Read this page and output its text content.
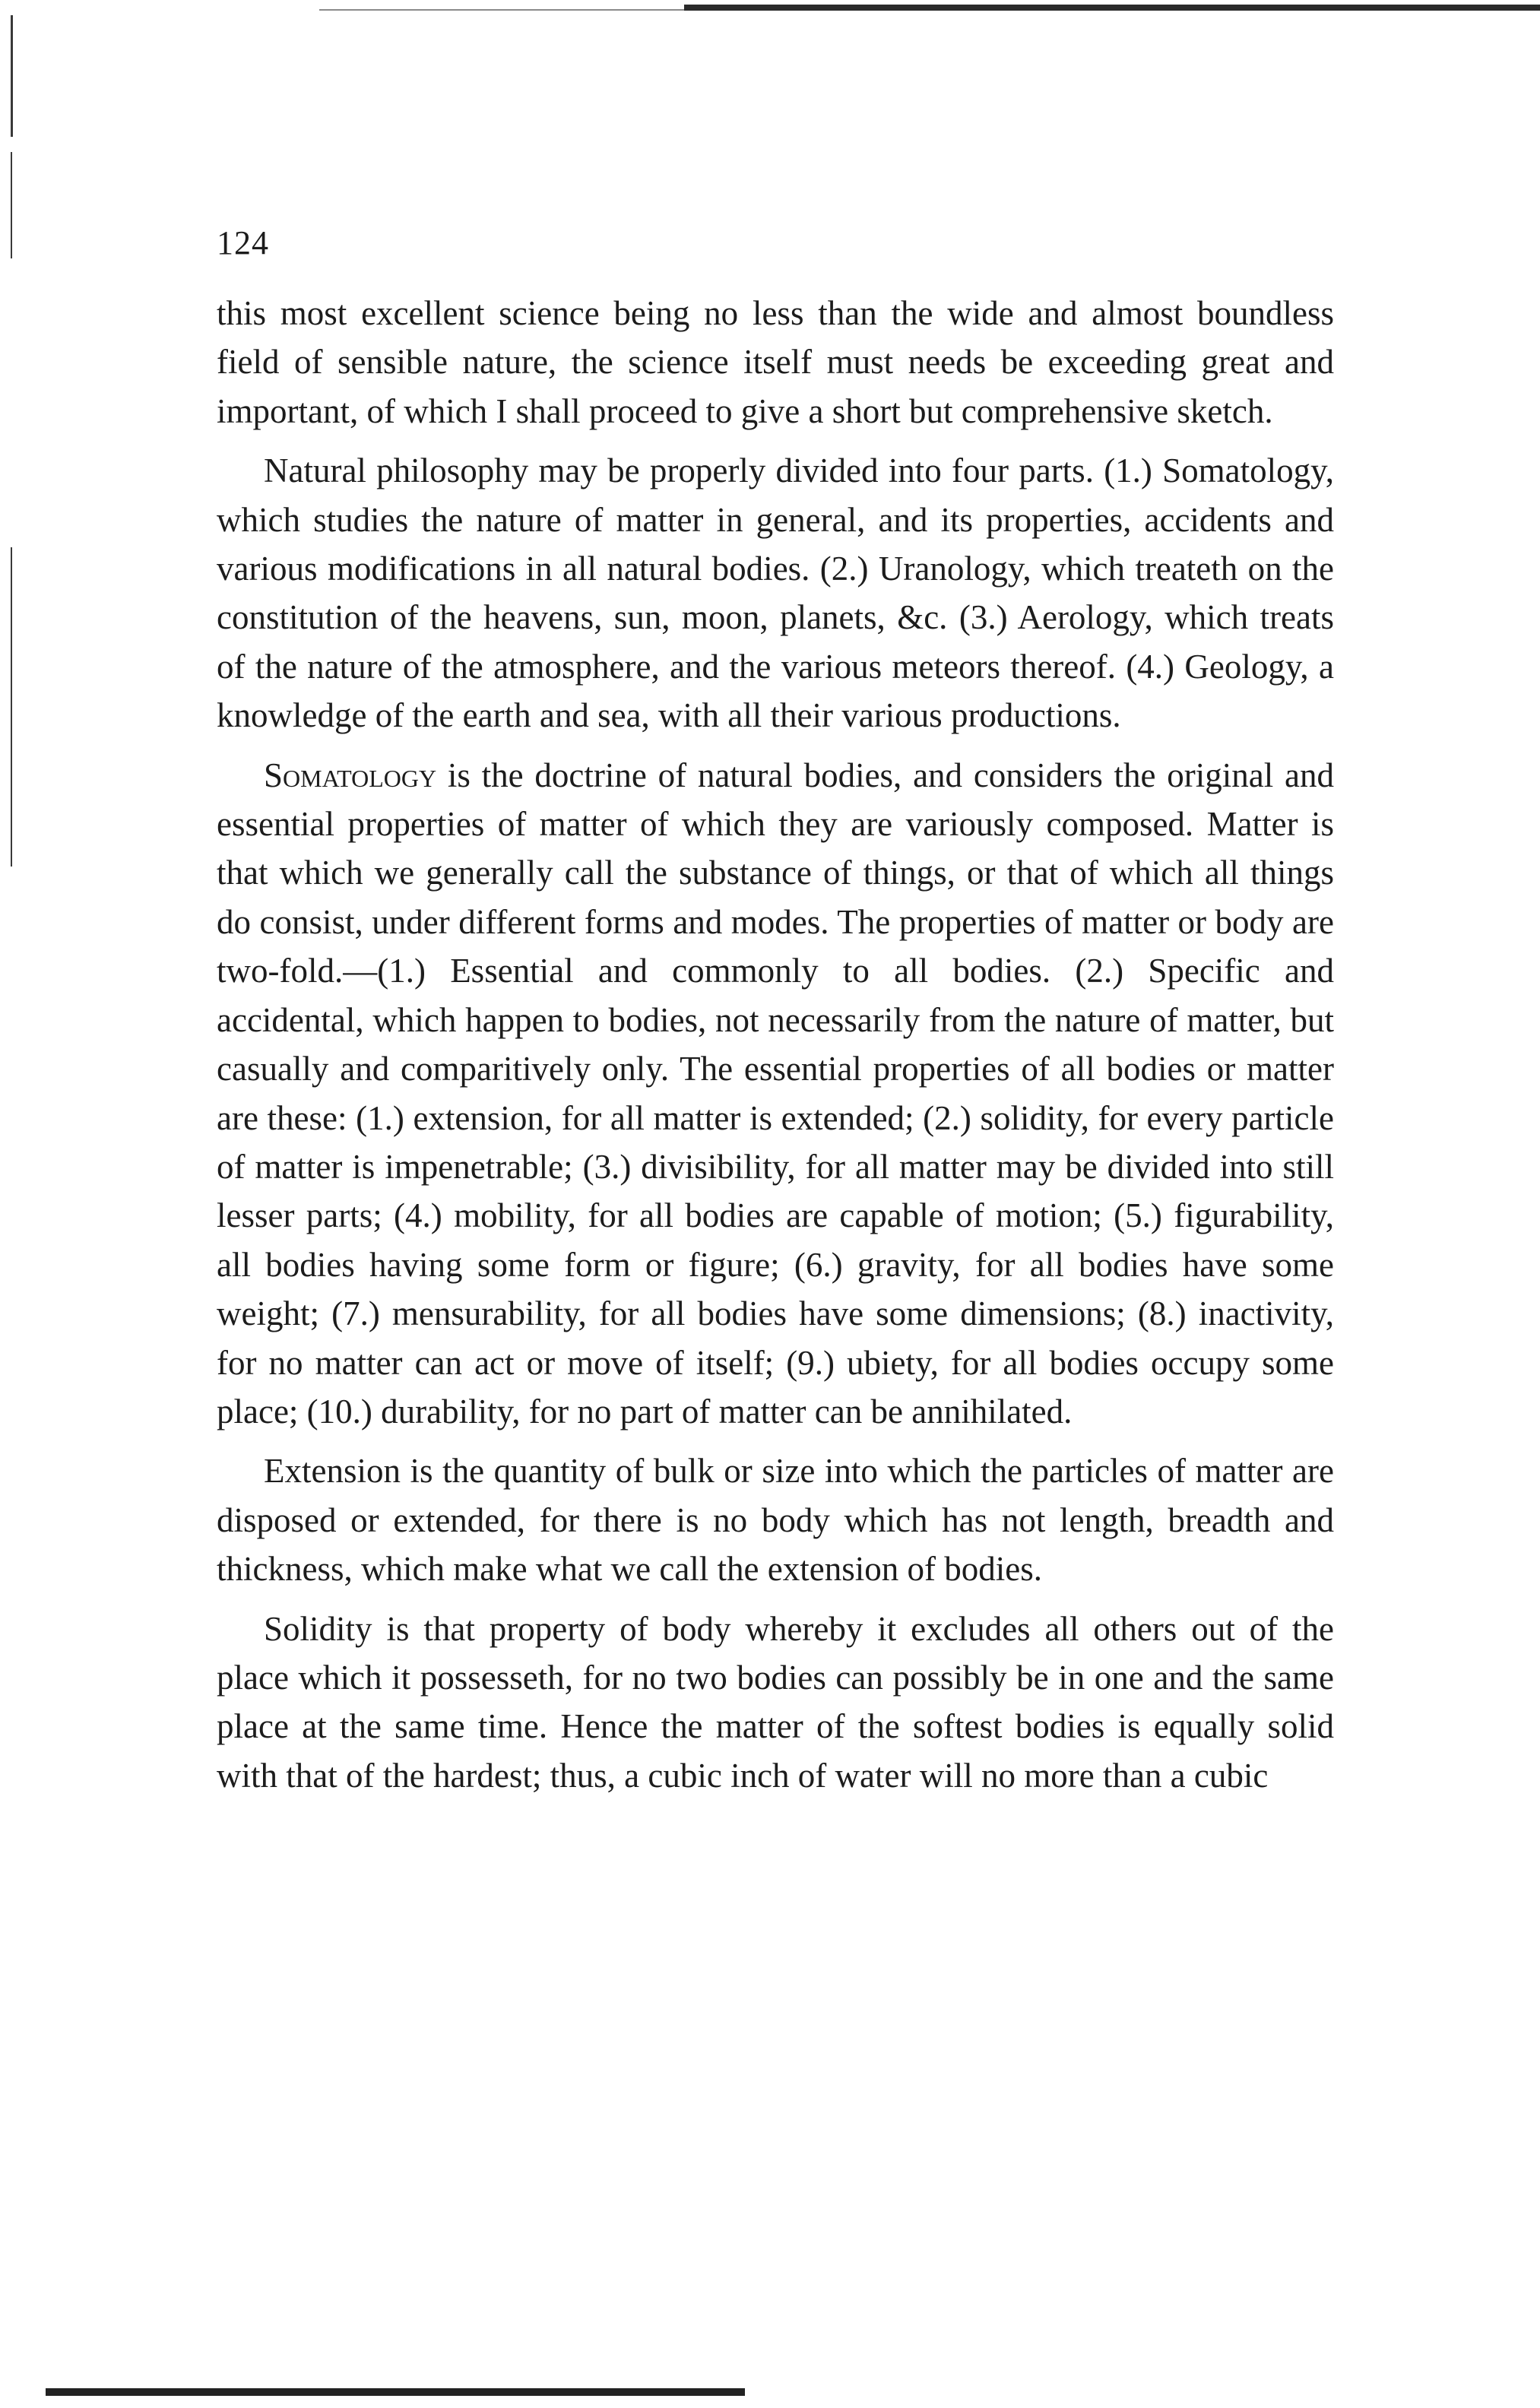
124

this most excellent science being no less than the wide and almost boundless field of sensible nature, the science itself must needs be exceeding great and important, of which I shall proceed to give a short but comprehensive sketch.

Natural philosophy may be properly divided into four parts. (1.) Somatology, which studies the nature of matter in general, and its properties, accidents and various modifications in all natural bodies. (2.) Uranology, which treateth on the constitution of the heavens, sun, moon, planets, &c. (3.) Aerology, which treats of the nature of the atmosphere, and the various meteors thereof. (4.) Geology, a knowledge of the earth and sea, with all their various productions.

Somatology is the doctrine of natural bodies, and considers the original and essential properties of matter of which they are variously composed. Matter is that which we generally call the substance of things, or that of which all things do consist, under different forms and modes. The properties of matter or body are two-fold.—(1.) Essential and commonly to all bodies. (2.) Specific and accidental, which happen to bodies, not necessarily from the nature of matter, but casually and comparitively only. The essential properties of all bodies or matter are these: (1.) extension, for all matter is extended; (2.) solidity, for every particle of matter is impenetrable; (3.) divisibility, for all matter may be divided into still lesser parts; (4.) mobility, for all bodies are capable of motion; (5.) figurability, all bodies having some form or figure; (6.) gravity, for all bodies have some weight; (7.) mensurability, for all bodies have some dimensions; (8.) inactivity, for no matter can act or move of itself; (9.) ubiety, for all bodies occupy some place; (10.) durability, for no part of matter can be annihilated.

Extension is the quantity of bulk or size into which the particles of matter are disposed or extended, for there is no body which has not length, breadth and thickness, which make what we call the extension of bodies.

Solidity is that property of body whereby it excludes all others out of the place which it possesseth, for no two bodies can possibly be in one and the same place at the same time. Hence the matter of the softest bodies is equally solid with that of the hardest; thus, a cubic inch of water will no more than a cubic
